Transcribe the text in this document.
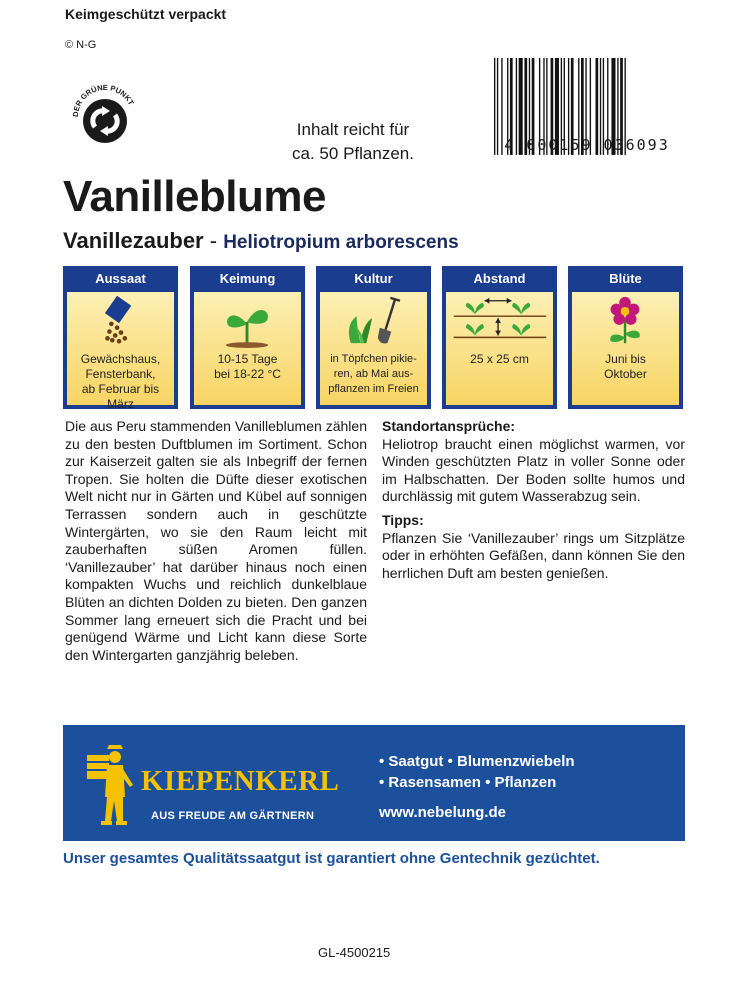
Keimgeschützt verpackt
© N-G
DER GRÜNE PUNKT
Inhalt reicht für
ca. 50 Pflanzen.	4 000159 036093
Vanilleblume
Vanillezauber - Heliotropium arborescens
Aussaat
Gewächshaus,
Fensterbank,
ab Februar bis März
Keimung
10-15 Tage
bei 18-22 °C
Kultur
in Töpfchen pikie-
ren, ab Mai aus-
pflanzen im Freien
Abstand
25 x 25 cm
Blüte
Juni bis
Oktober
Die aus Peru stammenden Vanilleblumen zählen zu den besten Duftblumen im Sortiment. Schon zur Kaiserzeit galten sie als Inbegriff der fernen Tropen. Sie holten die Düfte dieser exotischen Welt nicht nur in Gärten und Kübel auf sonnigen Terrassen sondern auch in geschützte Wintergärten, wo sie den Raum leicht mit zauberhaften süßen Aromen füllen. ‘Vanillezauber’ hat darüber hinaus noch einen kompakten Wuchs und reichlich dunkelblaue Blüten an dichten Dolden zu bieten. Den ganzen Sommer lang erneuert sich die Pracht und bei genügend Wärme und Licht kann diese Sorte den Wintergarten ganzjährig beleben.
Standortansprüche:

Heliotrop braucht einen möglichst warmen, vor Winden geschützten Platz in voller Sonne oder im Halbschatten. Der Boden sollte humos und durchlässig mit gutem Wasserabzug sein.

Tipps:

Pflanzen Sie ‘Vanillezauber’ rings um Sitzplätze oder in erhöhten Gefäßen, dann können Sie den herrlichen Duft am besten genießen.

KIEPENKERL
AUS FREUDE AM GÄRTNERN
• Saatgut • Blumenzwiebeln
• Rasensamen • Pflanzen
www.nebelung.de
Unser gesamtes Qualitätssaatgut ist garantiert ohne Gentechnik gezüchtet.
GL-4500215
